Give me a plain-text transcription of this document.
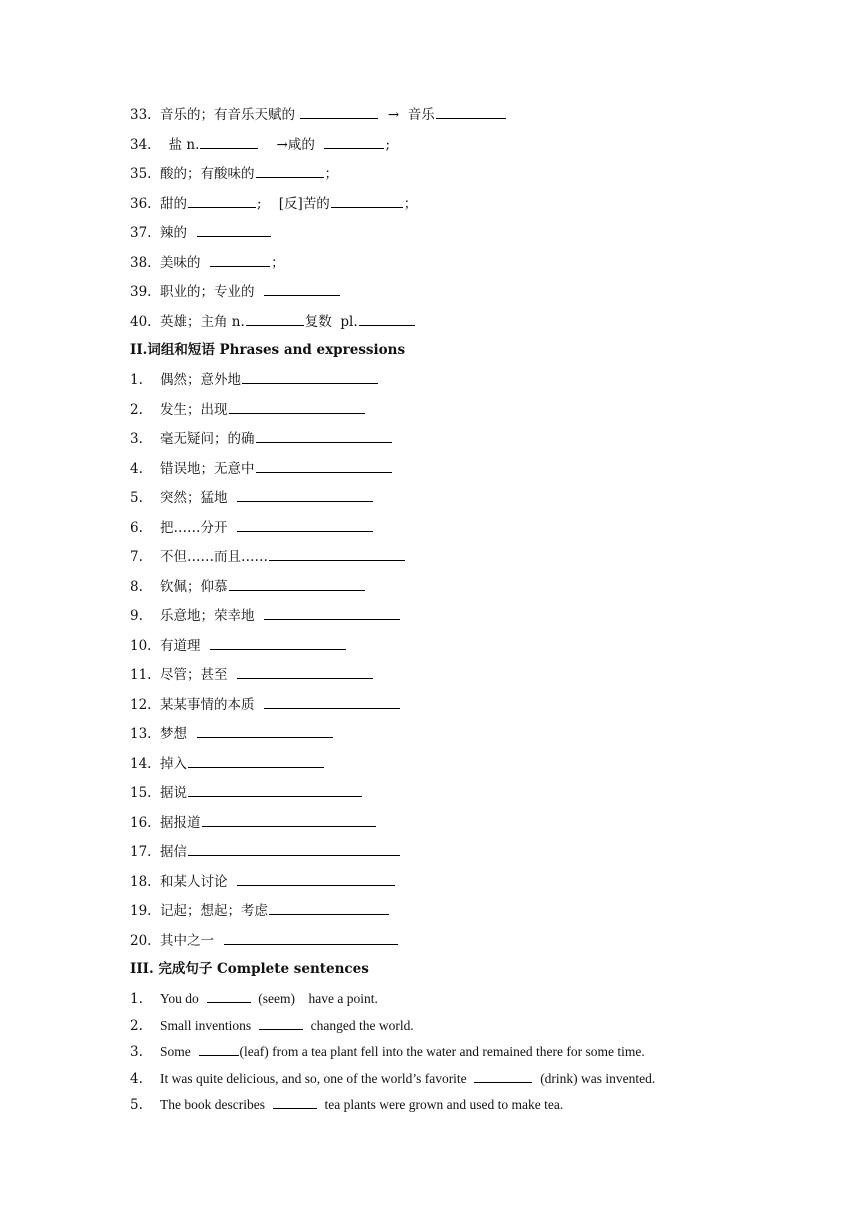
33. 音乐的；有音乐天赋的	→  音乐
34.  盐 n.	→咸的	;
35. 酸的；有酸味的	；
36. 甜的	;    [反]苦的	；
37. 辣的
38. 美味的	；
39. 职业的；专业的
40. 英雄；主角 n.	复数  pl.
II.词组和短语 Phrases and expressions
1. 偶然；意外地
2. 发生；出现
3. 毫无疑问；的确
4. 错误地；无意中
5. 突然；猛地
6. 把……分开
7. 不但……而且……
8. 钦佩；仰慕
9. 乐意地；荣幸地
10. 有道理
11. 尽管；甚至
12. 某某事情的本质
13. 梦想
14. 掉入
15. 据说
16. 据报道
17. 据信
18. 和某人讨论
19. 记起；想起；考虑
20. 其中之一
III. 完成句子 Complete sentences
1. You do	(seem)    have a point.
2. Small inventions	changed the world.
3. Some	(leaf) from a tea plant fell into the water and remained there for some time.
4. It was quite delicious, and so, one of the world’s favorite	(drink) was invented.
5. The book describes	tea plants were grown and used to make tea.
